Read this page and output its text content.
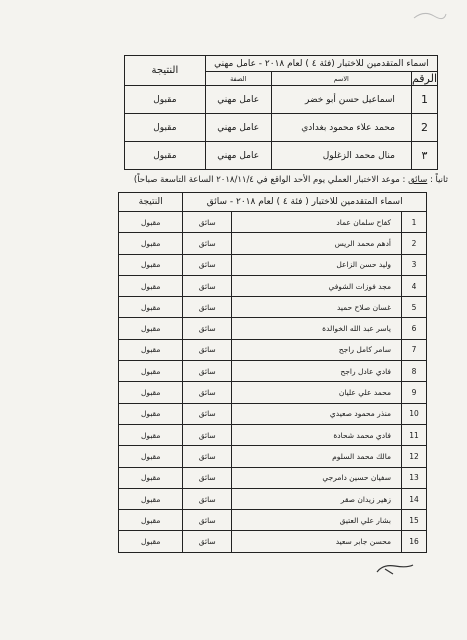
اسماء المتقدمين للاختبار (فئة ٤ ) لعام ٢٠١٨ - عامل مهني			النتيجة
الرقم	الاسم	الصفة	
1	اسماعيل حسن أبو خضر	عامل مهني	مقبول
2	محمد علاء محمود بغدادي	عامل مهني	مقبول
٣	منال محمد الزغلول	عامل مهني	مقبول
ثانياً : سائق : موعد الاختبار العملي يوم الأحد الواقع في ٢٠١٨/١١/٤ الساعة التاسعة صباحاً)
اسماء المتقدمين للاختبار ( فئة ٤ ) لعام ٢٠١٨ - سائق			النتيجة
1	كفاح سلمان عماد	سائق	مقبول
2	أدهم محمد الريس	سائق	مقبول
3	وليد حسن الزاعل	سائق	مقبول
4	مجد فوزات الشوفي	سائق	مقبول
5	غسان صلاح حميد	سائق	مقبول
6	ياسر عبد الله الخوالدة	سائق	مقبول
7	سامر كامل راجح	سائق	مقبول
8	فادي عادل راجح	سائق	مقبول
9	محمد علي عليان	سائق	مقبول
10	منذر محمود صعيدي	سائق	مقبول
11	فادي محمد شحادة	سائق	مقبول
12	مالك محمد السلوم	سائق	مقبول
13	سفيان حسين دامرجي	سائق	مقبول
14	زهير زيدان صقر	سائق	مقبول
15	بشار علي العتيق	سائق	مقبول
16	محسن جابر سعيد	سائق	مقبول
